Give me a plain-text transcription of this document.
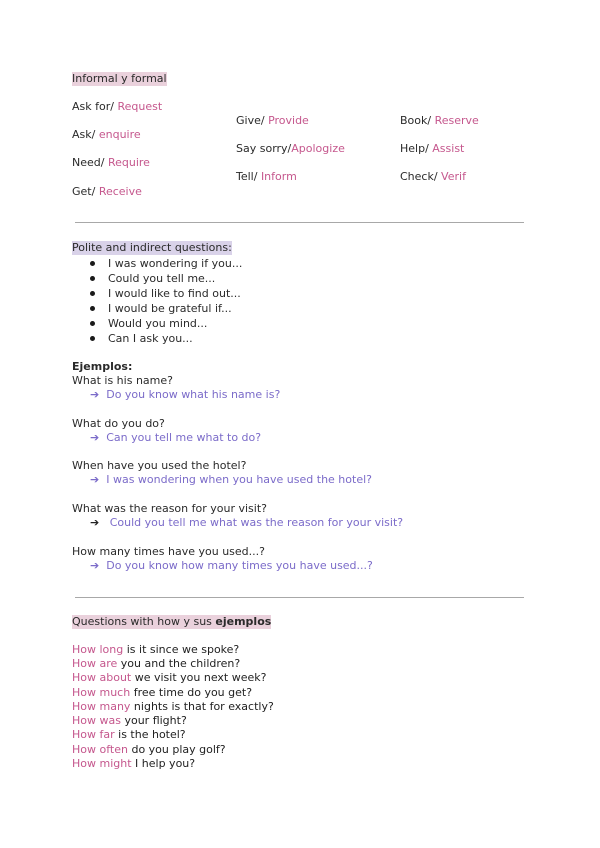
Informal y formal
Ask for/ Request
Ask/ enquire
Need/ Require
Get/ Receive
Give/ Provide
Say sorry/Apologize
Tell/ Inform
Book/ Reserve
Help/ Assist
Check/ Verif
Polite and indirect questions:
I was wondering if you...
Could you tell me...
I would like to find out...
I would be grateful if...
Would you mind...
Can I ask you...
Ejemplos:
What is his name?
➔ Do you know what his name is?
What do you do?
➔ Can you tell me what to do?
When have you used the hotel?
➔ I was wondering when you have used the hotel?
What was the reason for your visit?
➔ Could you tell me what was the reason for your visit?
How many times have you used...?
➔ Do you know how many times you have used...?
Questions with how y sus ejemplos
How long is it since we spoke?
How are you and the children?
How about we visit you next week?
How much free time do you get?
How many nights is that for exactly?
How was your flight?
How far is the hotel?
How often do you play golf?
How might I help you?
